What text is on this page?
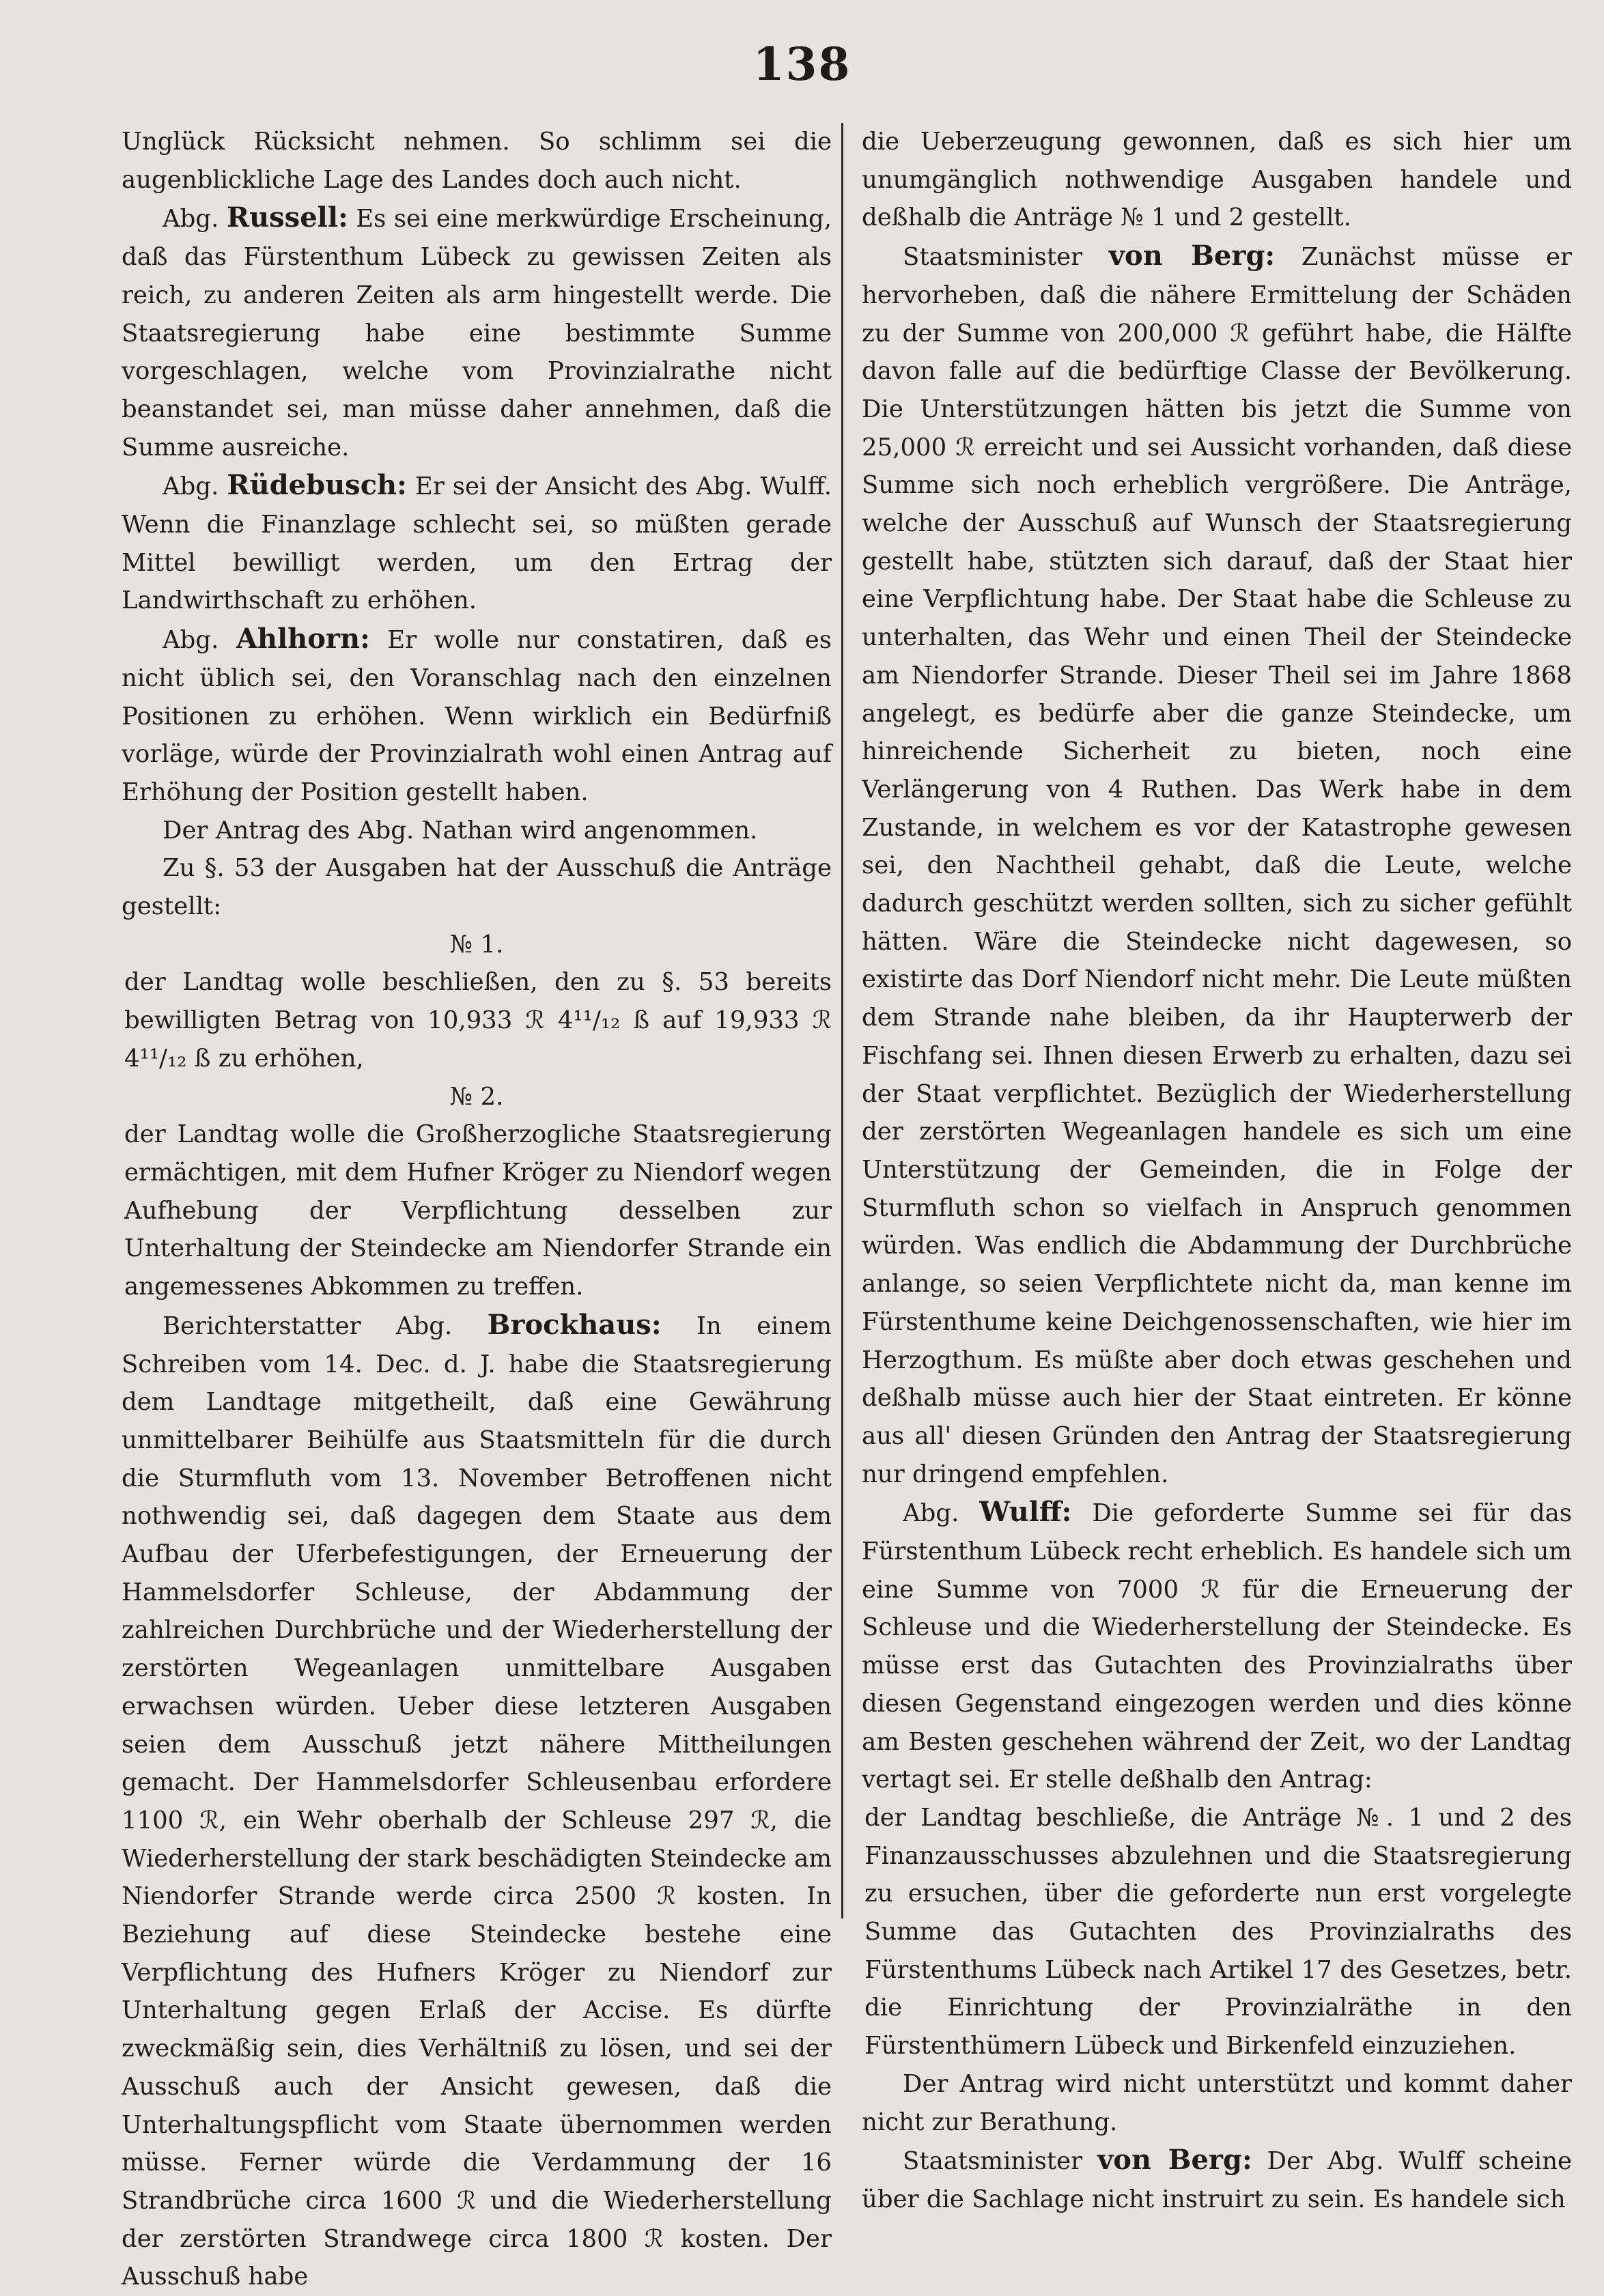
138

Unglück Rücksicht nehmen. So schlimm sei die augenblickliche Lage des Landes doch auch nicht.

Abg. Russell: Es sei eine merkwürdige Erscheinung, daß das Fürstenthum Lübeck zu gewissen Zeiten als reich, zu anderen Zeiten als arm hingestellt werde. Die Staatsregierung habe eine bestimmte Summe vorgeschlagen, welche vom Provinzialrathe nicht beanstandet sei, man müsse daher annehmen, daß die Summe ausreiche.

Abg. Rüdebusch: Er sei der Ansicht des Abg. Wulff. Wenn die Finanzlage schlecht sei, so müßten gerade Mittel bewilligt werden, um den Ertrag der Landwirthschaft zu erhöhen.

Abg. Ahlhorn: Er wolle nur constatiren, daß es nicht üblich sei, den Voranschlag nach den einzelnen Positionen zu erhöhen. Wenn wirklich ein Bedürfniß vorläge, würde der Provinzialrath wohl einen Antrag auf Erhöhung der Position gestellt haben.

Der Antrag des Abg. Nathan wird angenommen.

Zu §. 53 der Ausgaben hat der Ausschuß die Anträge gestellt:

№ 1.

der Landtag wolle beschließen, den zu §. 53 bereits bewilligten Betrag von 10,933 ℛ 4¹¹/₁₂ ß auf 19,933 ℛ 4¹¹/₁₂ ß zu erhöhen,

№ 2.

der Landtag wolle die Großherzogliche Staatsregierung ermächtigen, mit dem Hufner Kröger zu Niendorf wegen Aufhebung der Verpflichtung desselben zur Unterhaltung der Steindecke am Niendorfer Strande ein angemessenes Abkommen zu treffen.

Berichterstatter Abg. Brockhaus: In einem Schreiben vom 14. Dec. d. J. habe die Staatsregierung dem Landtage mitgetheilt, daß eine Gewährung unmittelbarer Beihülfe aus Staatsmitteln für die durch die Sturmfluth vom 13. November Betroffenen nicht nothwendig sei, daß dagegen dem Staate aus dem Aufbau der Uferbefestigungen, der Erneuerung der Hammelsdorfer Schleuse, der Abdammung der zahlreichen Durchbrüche und der Wiederherstellung der zerstörten Wegeanlagen unmittelbare Ausgaben erwachsen würden. Ueber diese letzteren Ausgaben seien dem Ausschuß jetzt nähere Mittheilungen gemacht. Der Hammelsdorfer Schleusenbau erfordere 1100 ℛ, ein Wehr oberhalb der Schleuse 297 ℛ, die Wiederherstellung der stark beschädigten Steindecke am Niendorfer Strande werde circa 2500 ℛ kosten. In Beziehung auf diese Steindecke bestehe eine Verpflichtung des Hufners Kröger zu Niendorf zur Unterhaltung gegen Erlaß der Accise. Es dürfte zweckmäßig sein, dies Verhältniß zu lösen, und sei der Ausschuß auch der Ansicht gewesen, daß die Unterhaltungspflicht vom Staate übernommen werden müsse. Ferner würde die Verdammung der 16 Strandbrüche circa 1600 ℛ und die Wiederherstellung der zerstörten Strandwege circa 1800 ℛ kosten. Der Ausschuß habe

die Ueberzeugung gewonnen, daß es sich hier um unumgänglich nothwendige Ausgaben handele und deßhalb die Anträge № 1 und 2 gestellt.

Staatsminister von Berg: Zunächst müsse er hervorheben, daß die nähere Ermittelung der Schäden zu der Summe von 200,000 ℛ geführt habe, die Hälfte davon falle auf die bedürftige Classe der Bevölkerung. Die Unterstützungen hätten bis jetzt die Summe von 25,000 ℛ erreicht und sei Aussicht vorhanden, daß diese Summe sich noch erheblich vergrößere. Die Anträge, welche der Ausschuß auf Wunsch der Staatsregierung gestellt habe, stützten sich darauf, daß der Staat hier eine Verpflichtung habe. Der Staat habe die Schleuse zu unterhalten, das Wehr und einen Theil der Steindecke am Niendorfer Strande. Dieser Theil sei im Jahre 1868 angelegt, es bedürfe aber die ganze Steindecke, um hinreichende Sicherheit zu bieten, noch eine Verlängerung von 4 Ruthen. Das Werk habe in dem Zustande, in welchem es vor der Katastrophe gewesen sei, den Nachtheil gehabt, daß die Leute, welche dadurch geschützt werden sollten, sich zu sicher gefühlt hätten. Wäre die Steindecke nicht dagewesen, so existirte das Dorf Niendorf nicht mehr. Die Leute müßten dem Strande nahe bleiben, da ihr Haupterwerb der Fischfang sei. Ihnen diesen Erwerb zu erhalten, dazu sei der Staat verpflichtet. Bezüglich der Wiederherstellung der zerstörten Wegeanlagen handele es sich um eine Unterstützung der Gemeinden, die in Folge der Sturmfluth schon so vielfach in Anspruch genommen würden. Was endlich die Abdammung der Durchbrüche anlange, so seien Verpflichtete nicht da, man kenne im Fürstenthume keine Deichgenossenschaften, wie hier im Herzogthum. Es müßte aber doch etwas geschehen und deßhalb müsse auch hier der Staat eintreten. Er könne aus all' diesen Gründen den Antrag der Staatsregierung nur dringend empfehlen.

Abg. Wulff: Die geforderte Summe sei für das Fürstenthum Lübeck recht erheblich. Es handele sich um eine Summe von 7000 ℛ für die Erneuerung der Schleuse und die Wiederherstellung der Steindecke. Es müsse erst das Gutachten des Provinzialraths über diesen Gegenstand eingezogen werden und dies könne am Besten geschehen während der Zeit, wo der Landtag vertagt sei. Er stelle deßhalb den Antrag:

der Landtag beschließe, die Anträge №. 1 und 2 des Finanzausschusses abzulehnen und die Staatsregierung zu ersuchen, über die geforderte nun erst vorgelegte Summe das Gutachten des Provinzialraths des Fürstenthums Lübeck nach Artikel 17 des Gesetzes, betr. die Einrichtung der Provinzialräthe in den Fürstenthümern Lübeck und Birkenfeld einzuziehen.

Der Antrag wird nicht unterstützt und kommt daher nicht zur Berathung.

Staatsminister von Berg: Der Abg. Wulff scheine über die Sachlage nicht instruirt zu sein. Es handele sich
